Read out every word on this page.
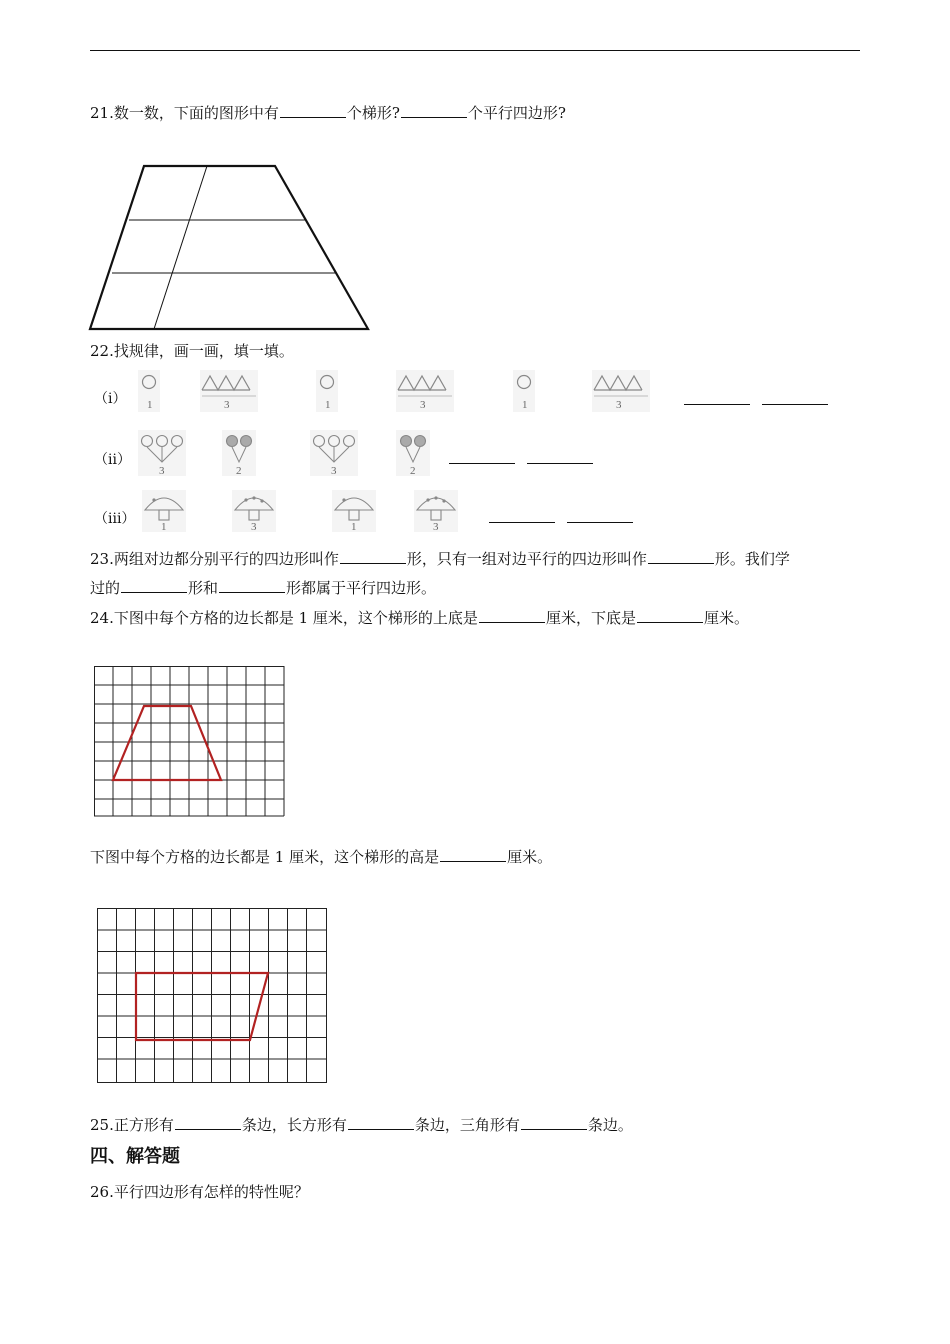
21.数一数，下面的图形中有	个梯形?	个平行四边形?
22.找规律，画一画，填一填。
（i）
（ii）
（iii）
1	3	1	3	1	3
3	2	3	2
1	3	1	3
23.两组对边都分别平行的四边形叫作	形，只有一组对边平行的四边形叫作	形。我们学
过的	形和	形都属于平行四边形。
24.下图中每个方格的边长都是 1 厘米，这个梯形的上底是	厘米，下底是	厘米。
下图中每个方格的边长都是 1 厘米，这个梯形的高是	厘米。
25.正方形有	条边，长方形有	条边，三角形有	条边。
四、解答题
26.平行四边形有怎样的特性呢？
